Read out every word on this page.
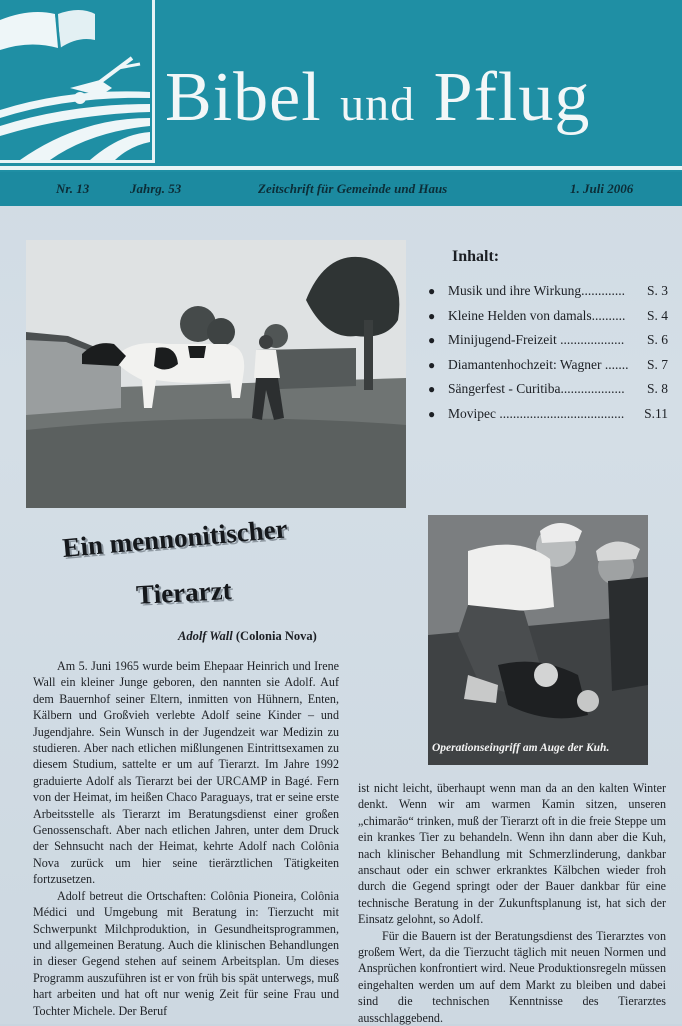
Bibel und Pflug
Nr. 13	Jahrg. 53	Zeitschrift für Gemeinde und Haus	1. Juli 2006
Inhalt:
● Musik und ihre Wirkung............. S. 3
● Kleine Helden von damals.......... S. 4
● Minijugend-Freizeit ................... S. 6
● Diamantenhochzeit: Wagner ....... S. 7
● Sängerfest - Curitiba................... S. 8
● Movipec ..................................... S.11
Ein mennonitischer
Tierarzt
Adolf Wall (Colonia Nova)
Operationseingriff am Auge der Kuh.

Am 5. Juni 1965 wurde beim Ehepaar Heinrich und Irene Wall ein kleiner Junge geboren, den nannten sie Adolf. Auf dem Bauernhof seiner Eltern, inmitten von Hühnern, Enten, Kälbern und Großvieh verlebte Adolf seine Kinder – und Jugendjahre. Sein Wunsch in der Jugendzeit war Medizin zu studieren. Aber nach etlichen mißlungenen Eintrittsexamen zu diesem Studium, sattelte er um auf Tierarzt. Im Jahre 1992 graduierte Adolf als Tierarzt bei der URCAMP in Bagé. Fern von der Heimat, im heißen Chaco Paraguays, trat er seine erste Arbeitsstelle als Tierarzt im Beratungsdienst einer großen Genossenschaft. Aber nach etlichen Jahren, unter dem Druck der Sehnsucht nach der Heimat, kehrte Adolf nach Colônia Nova zurück um hier seine tierärztlichen Tätigkeiten fortzusetzen.

Adolf betreut die Ortschaften: Colônia Pioneira, Colônia Médici und Umgebung mit Beratung in: Tierzucht mit Schwerpunkt Milchproduktion, in Gesundheitsprogrammen, und allgemeinen Beratung. Auch die klinischen Behandlungen in dieser Gegend stehen auf seinem Arbeitsplan. Um dieses Programm auszuführen ist er von früh bis spät unterwegs, muß hart arbeiten und hat oft nur wenig Zeit für seine Frau und Tochter Michele. Der Beruf

ist nicht leicht, überhaupt wenn man da an den kalten Winter denkt. Wenn wir am warmen Kamin sitzen, unseren „chimarão“ trinken, muß der Tierarzt oft in die freie Steppe um ein krankes Tier zu behandeln. Wenn ihn dann aber die Kuh, nach klinischer Behandlung mit Schmerzlinderung, dankbar anschaut oder ein schwer erkranktes Kälbchen wieder froh durch die Gegend springt oder der Bauer dankbar für eine technische Beratung in der Zukunftsplanung ist, hat sich der Einsatz gelohnt, so Adolf.

Für die Bauern ist der Beratungsdienst des Tierarztes von großem Wert, da die Tierzucht täglich mit neuen Normen und Ansprüchen konfrontiert wird. Neue Produktionsregeln müssen eingehalten werden um auf dem Markt zu bleiben und dabei sind die technischen Kenntnisse des Tierarztes ausschlaggebend.
